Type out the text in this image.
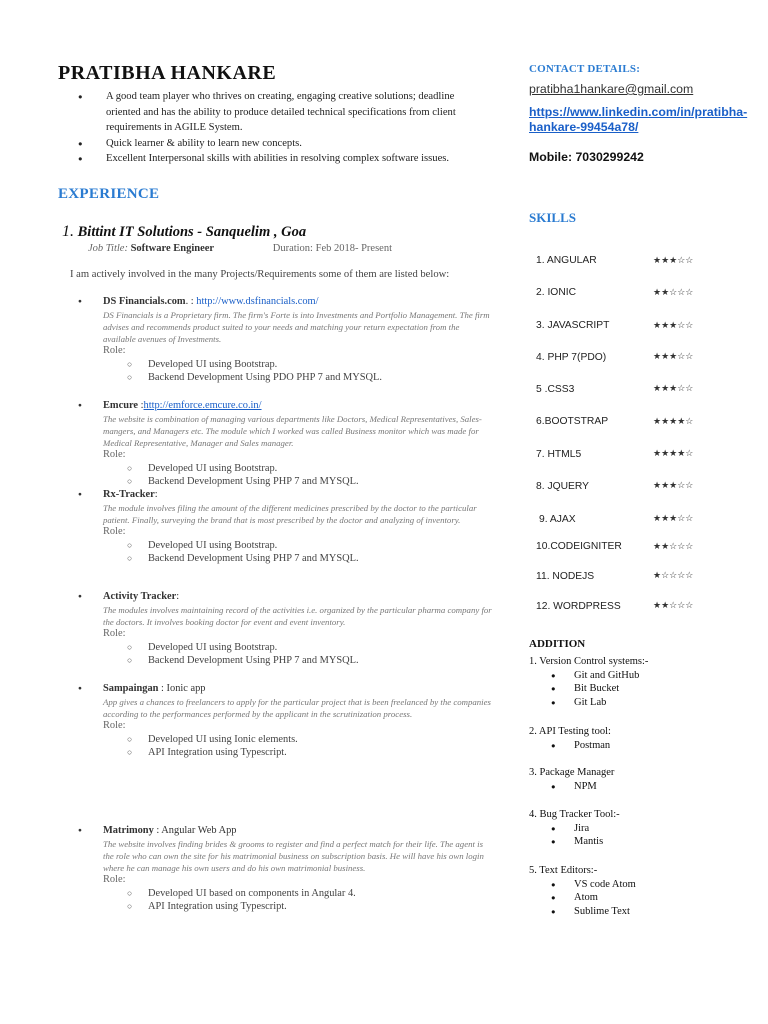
PRATIBHA HANKARE
● A good team player who thrives on creating, engaging creative solutions; deadline oriented and has the ability to produce detailed technical specifications from client requirements in AGILE System.
● Quick learner & ability to learn new concepts.
● Excellent Interpersonal skills with abilities in resolving complex software issues.
EXPERIENCE
1. Bittint IT Solutions - Sanquelim , Goa
Job Title: Software Engineer	Duration: Feb 2018- Present
I am actively involved in the many Projects/Requirements some of them are listed below:
● DS Financials.com. : http://www.dsfinancials.com/
DS Financials is a Proprietary firm. The firm's Forte is into Investments and Portfolio Management. The firm advises and recommends product suited to your needs and matching your return expectation from the available avenues of Investments.
Role:
○ Developed UI using Bootstrap.
○ Backend Development Using PDO PHP 7 and MYSQL.
● Emcure :http://emforce.emcure.co.in/
The website is combination of managing various departments like Doctors, Medical Representatives, Sales-mangers, and Managers etc. The module which I worked was called Business monitor which was made for Medical Representative, Manager and Sales manager.
Role:
○ Developed UI using Bootstrap.
○ Backend Development Using PHP 7 and MYSQL.
● Rx-Tracker:
The module involves filing the amount of the different medicines prescribed by the doctor to the particular patient. Finally, surveying the brand that is most prescribed by the doctor and analyzing of inventory.
Role:
○ Developed UI using Bootstrap.
○ Backend Development Using PHP 7 and MYSQL.
● Activity Tracker:
The modules involves maintaining record of the activities i.e. organized by the particular pharma company for the doctors. It involves booking doctor for event and event inventory.
Role:
○ Developed UI using Bootstrap.
○ Backend Development Using PHP 7 and MYSQL.
● Sampaingan : Ionic app
App gives a chances to freelancers to apply for the particular project that is been freelanced by the companies according to the performances performed by the applicant in the scrutinization process.
Role:
○ Developed UI using Ionic elements.
○ API Integration using Typescript.
● Matrimony : Angular Web App
The website involves finding brides & grooms to register and find a perfect match for their life. The agent is the role who can own the site for his matrimonial business on subscription basis. He will have his own login where he can manage his own users and do his own matrimonial business.
Role:
○ Developed UI based on components in Angular 4.
○ API Integration using Typescript.
CONTACT DETAILS:
pratibha1hankare@gmail.com
https://www.linkedin.com/in/pratibha-hankare-99454a78/
Mobile: 7030299242
SKILLS
1. ANGULAR	★★★☆☆
2. IONIC	★★☆☆☆
3. JAVASCRIPT	★★★☆☆
4. PHP 7(PDO)	★★★☆☆
5 .CSS3	★★★☆☆
6.BOOTSTRAP	★★★★☆
7. HTML5	★★★★☆
8. JQUERY	★★★☆☆
9. AJAX	★★★☆☆
10.CODEIGNITER	★★☆☆☆
11. NODEJS	★☆☆☆☆
12. WORDPRESS	★★☆☆☆
ADDITION
1. Version Control systems:-
● Git and GitHub
● Bit Bucket
● Git Lab
2. API Testing tool:
● Postman
3. Package Manager
● NPM
4. Bug Tracker Tool:-
● Jira
● Mantis
5. Text Editors:-
● VS code Atom
● Atom
● Sublime Text
